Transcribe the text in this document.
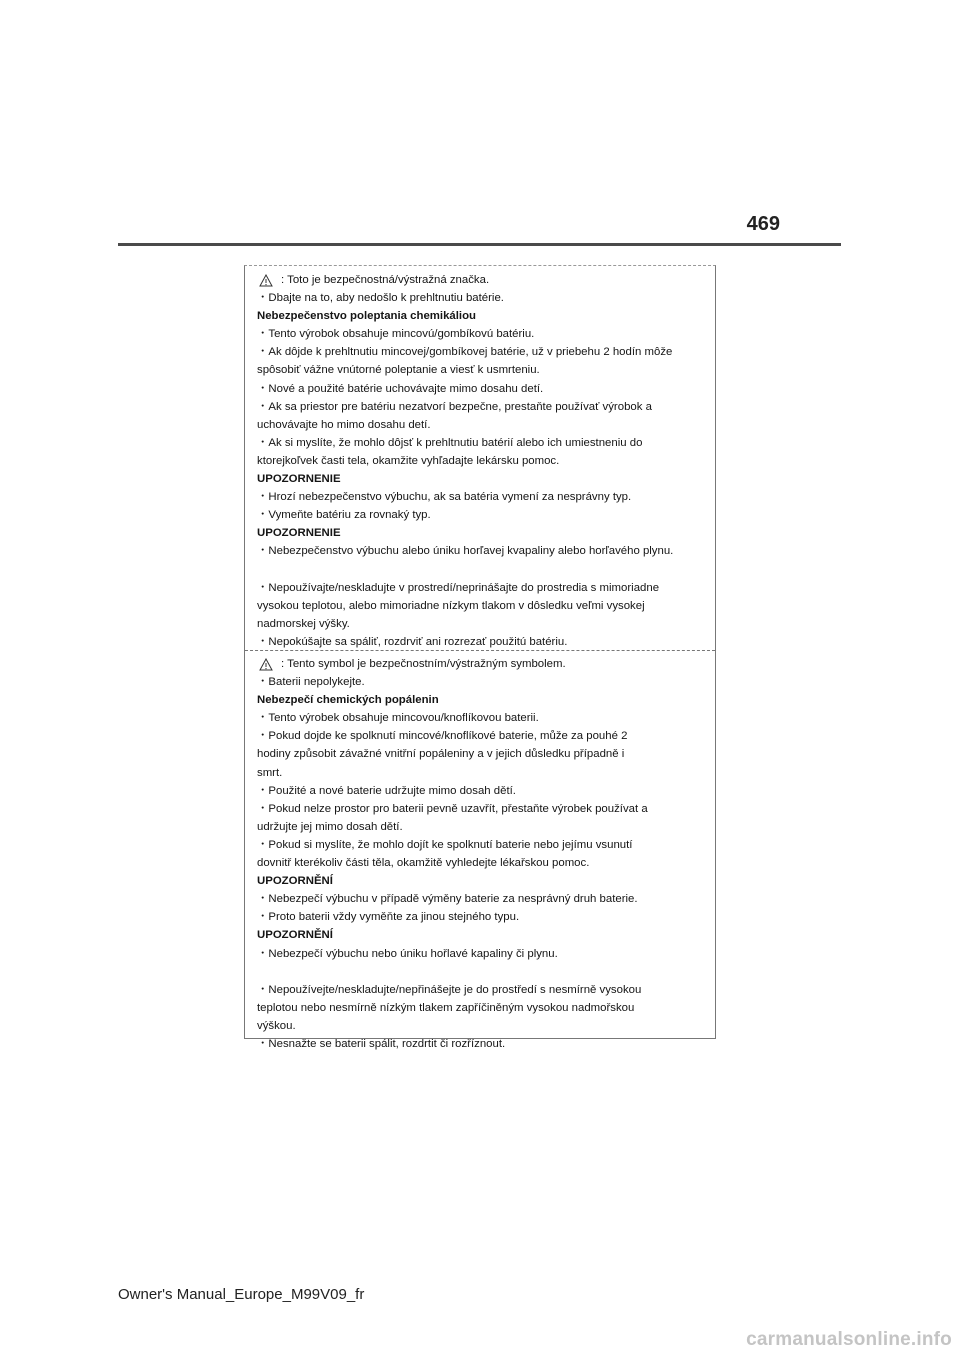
469
: Toto je bezpečnostná/výstražná značka.
・Dbajte na to, aby nedošlo k prehltnutiu batérie.
Nebezpečenstvo poleptania chemikáliou
・Tento výrobok obsahuje mincovú/gombíkovú batériu.
・Ak dôjde k prehltnutiu mincovej/gombíkovej batérie, už v priebehu 2 hodín môže
spôsobiť vážne vnútorné poleptanie a viesť k usmrteniu.
・Nové a použité batérie uchovávajte mimo dosahu detí.
・Ak sa priestor pre batériu nezatvorí bezpečne, prestaňte používať výrobok a
uchovávajte ho mimo dosahu detí.
・Ak si myslíte, že mohlo dôjsť k prehltnutiu batérií alebo ich umiestneniu do
ktorejkoľvek časti tela, okamžite vyhľadajte lekársku pomoc.
UPOZORNENIE
・Hrozí nebezpečenstvo výbuchu, ak sa batéria vymení za nesprávny typ.
・Vymeňte batériu za rovnaký typ.
UPOZORNENIE
・Nebezpečenstvo výbuchu alebo úniku horľavej kvapaliny alebo horľavého plynu.
・Nepoužívajte/neskladujte v prostredí/neprinášajte do prostredia s mimoriadne
vysokou teplotou, alebo mimoriadne nízkym tlakom v dôsledku veľmi vysokej
nadmorskej výšky.
・Nepokúšajte sa spáliť, rozdrviť ani rozrezať použitú batériu.
: Tento symbol je bezpečnostním/výstražným symbolem.
・Baterii nepolykejte.
Nebezpečí chemických popálenin
・Tento výrobek obsahuje mincovou/knoflíkovou baterii.
・Pokud dojde ke spolknutí mincové/knoflíkové baterie, může za pouhé 2
hodiny způsobit závažné vnitřní popáleniny a v jejich důsledku případně i
smrt.
・Použité a nové baterie udržujte mimo dosah dětí.
・Pokud nelze prostor pro baterii pevně uzavřít, přestaňte výrobek používat a
udržujte jej mimo dosah dětí.
・Pokud si myslíte, že mohlo dojít ke spolknutí baterie nebo jejímu vsunutí
dovnitř kterékoliv části těla, okamžitě vyhledejte lékařskou pomoc.
UPOZORNĚNÍ
・Nebezpečí výbuchu v případě výměny baterie za nesprávný druh baterie.
・Proto baterii vždy vyměňte za jinou stejného typu.
UPOZORNĚNÍ
・Nebezpečí výbuchu nebo úniku hořlavé kapaliny či plynu.
・Nepoužívejte/neskladujte/nepřinášejte je do prostředí s nesmírně vysokou
teplotou nebo nesmírně nízkým tlakem zapříčiněným vysokou nadmořskou
výškou.
・Nesnažte se baterii spálit, rozdrtit či rozříznout.
Owner's Manual_Europe_M99V09_fr
carmanualsonline.info
